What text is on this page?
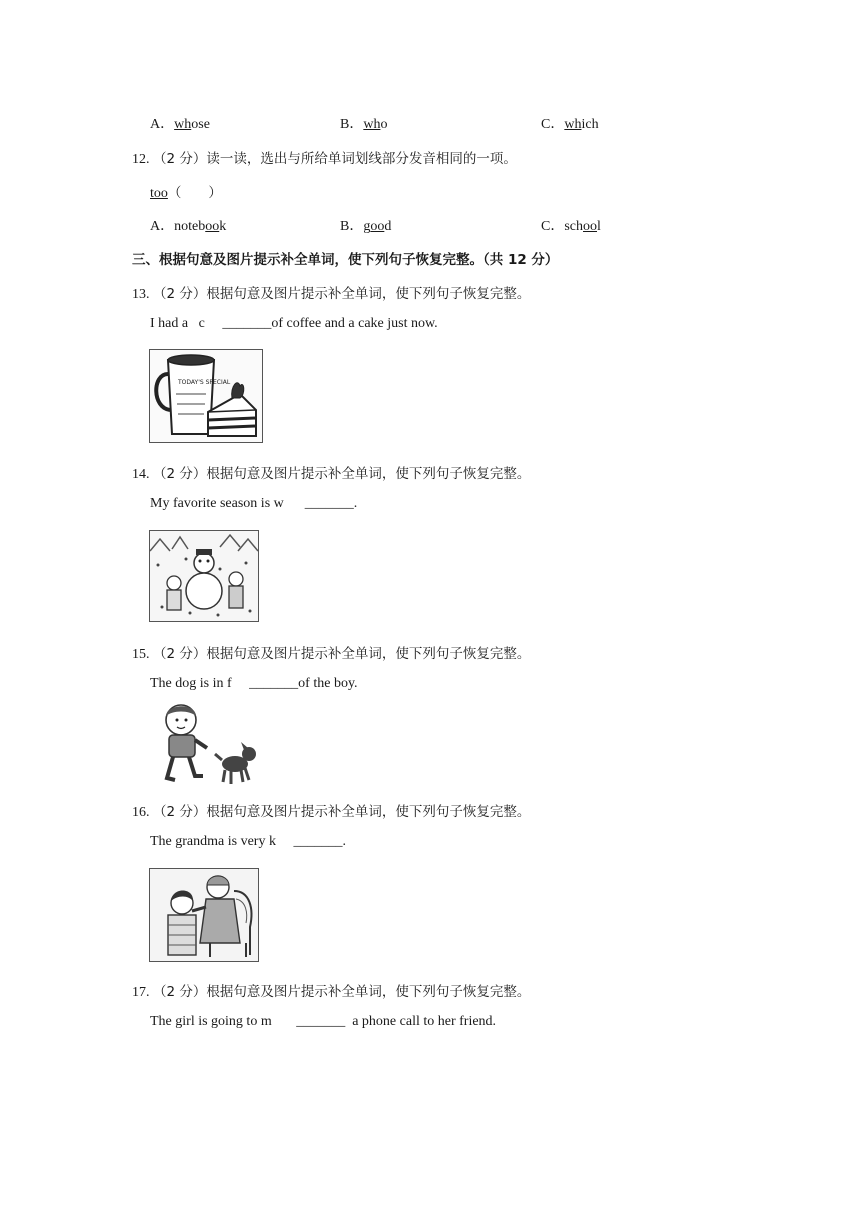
A．whose	B．who	C．which
12. （2 分）读一读，选出与所给单词划线部分发音相同的一项。
too（　　）
A．notebook	B．good	C．school
三、根据句意及图片提示补全单词，使下列句子恢复完整。（共 12 分）
13. （2 分）根据句意及图片提示补全单词，使下列句子恢复完整。
I had a c _______of coffee and a cake just now.
TODAY'S SPECIAL
14. （2 分）根据句意及图片提示补全单词，使下列句子恢复完整。
My favorite season is w _______.
15. （2 分）根据句意及图片提示补全单词，使下列句子恢复完整。
The dog is in f _______of the boy.
16. （2 分）根据句意及图片提示补全单词，使下列句子恢复完整。
The grandma is very k _______.
17. （2 分）根据句意及图片提示补全单词，使下列句子恢复完整。
The girl is going to m _______ a phone call to her friend.
